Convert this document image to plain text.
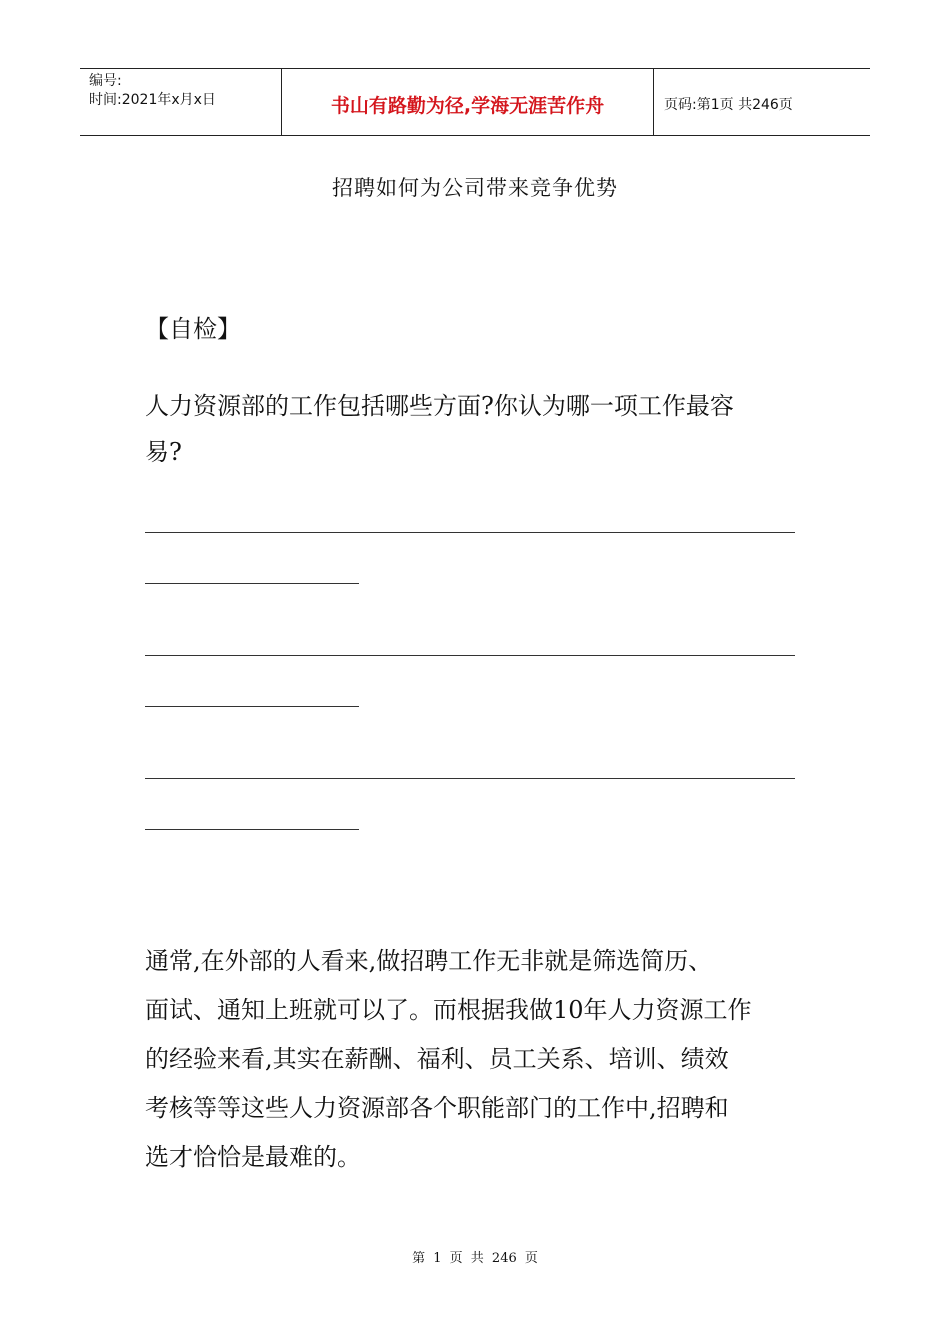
编号:
时间:2021年x月x日	书山有路勤为径,学海无涯苦作舟	页码:第1页 共246页
招聘如何为公司带来竞争优势
【自检】
人力资源部的工作包括哪些方面?你认为哪一项工作最容
易?
通常,在外部的人看来,做招聘工作无非就是筛选简历、
面试、通知上班就可以了。而根据我做10年人力资源工作
的经验来看,其实在薪酬、福利、员工关系、培训、绩效
考核等等这些人力资源部各个职能部门的工作中,招聘和
选才恰恰是最难的。
第 1 页 共 246 页
